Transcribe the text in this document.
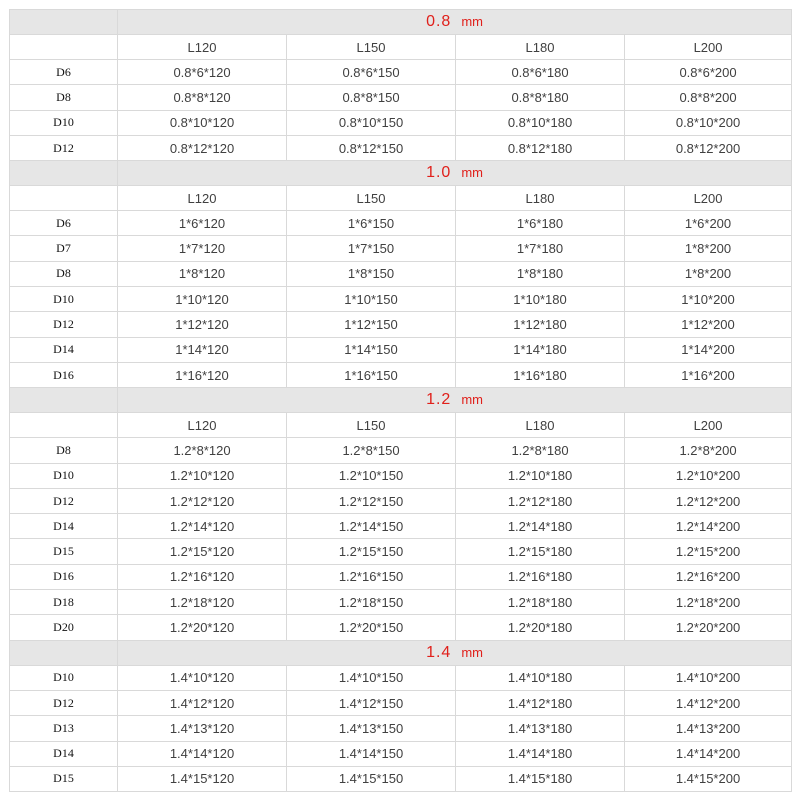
	0.8 mm			
	L120	L150	L180	L200
D6	0.8*6*120	0.8*6*150	0.8*6*180	0.8*6*200
D8	0.8*8*120	0.8*8*150	0.8*8*180	0.8*8*200
D10	0.8*10*120	0.8*10*150	0.8*10*180	0.8*10*200
D12	0.8*12*120	0.8*12*150	0.8*12*180	0.8*12*200
	1.0 mm			
	L120	L150	L180	L200
D6	1*6*120	1*6*150	1*6*180	1*6*200
D7	1*7*120	1*7*150	1*7*180	1*8*200
D8	1*8*120	1*8*150	1*8*180	1*8*200
D10	1*10*120	1*10*150	1*10*180	1*10*200
D12	1*12*120	1*12*150	1*12*180	1*12*200
D14	1*14*120	1*14*150	1*14*180	1*14*200
D16	1*16*120	1*16*150	1*16*180	1*16*200
	1.2 mm			
	L120	L150	L180	L200
D8	1.2*8*120	1.2*8*150	1.2*8*180	1.2*8*200
D10	1.2*10*120	1.2*10*150	1.2*10*180	1.2*10*200
D12	1.2*12*120	1.2*12*150	1.2*12*180	1.2*12*200
D14	1.2*14*120	1.2*14*150	1.2*14*180	1.2*14*200
D15	1.2*15*120	1.2*15*150	1.2*15*180	1.2*15*200
D16	1.2*16*120	1.2*16*150	1.2*16*180	1.2*16*200
D18	1.2*18*120	1.2*18*150	1.2*18*180	1.2*18*200
D20	1.2*20*120	1.2*20*150	1.2*20*180	1.2*20*200
	1.4 mm			
D10	1.4*10*120	1.4*10*150	1.4*10*180	1.4*10*200
D12	1.4*12*120	1.4*12*150	1.4*12*180	1.4*12*200
D13	1.4*13*120	1.4*13*150	1.4*13*180	1.4*13*200
D14	1.4*14*120	1.4*14*150	1.4*14*180	1.4*14*200
D15	1.4*15*120	1.4*15*150	1.4*15*180	1.4*15*200
